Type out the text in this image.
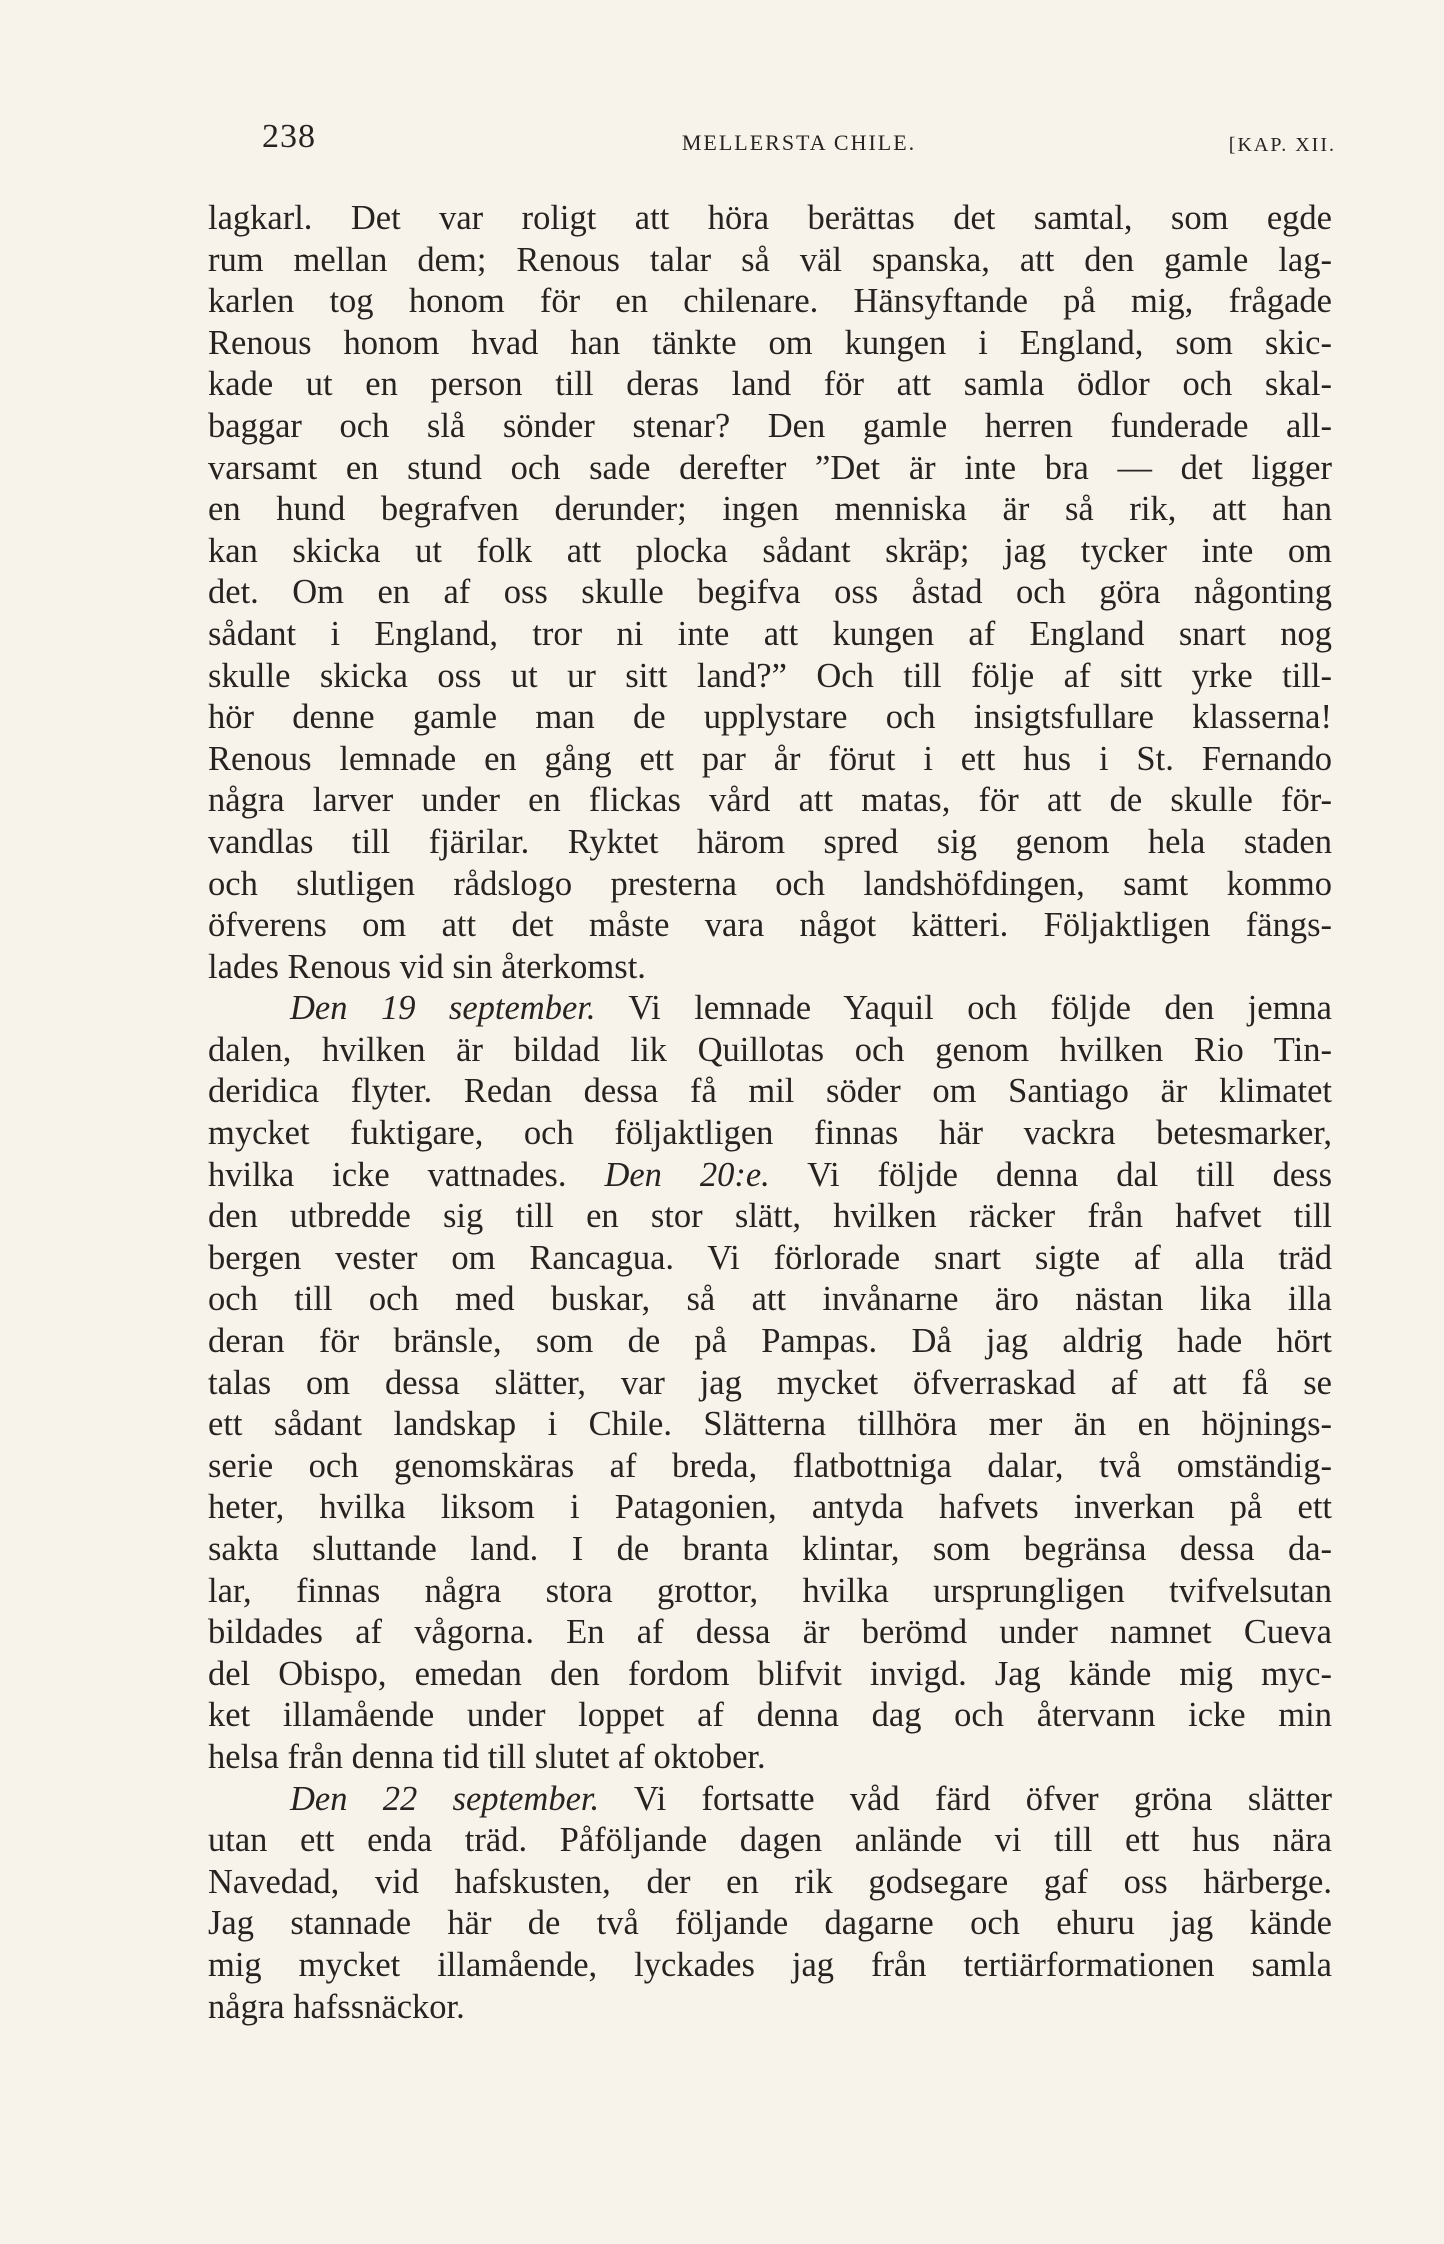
238	MELLERSTA CHILE.	[KAP. XII.

lagkarl. Det var roligt att höra berättas det samtal, som egde
rum mellan dem; Renous talar så väl spanska, att den gamle lag-
karlen tog honom för en chilenare. Hänsyftande på mig, frågade
Renous honom hvad han tänkte om kungen i England, som skic-
kade ut en person till deras land för att samla ödlor och skal-
baggar och slå sönder stenar? Den gamle herren funderade all-
varsamt en stund och sade derefter ”Det är inte bra — det ligger
en hund begrafven derunder; ingen menniska är så rik, att han
kan skicka ut folk att plocka sådant skräp; jag tycker inte om
det. Om en af oss skulle begifva oss åstad och göra någonting
sådant i England, tror ni inte att kungen af England snart nog
skulle skicka oss ut ur sitt land?” Och till följe af sitt yrke till-
hör denne gamle man de upplystare och insigtsfullare klasserna!
Renous lemnade en gång ett par år förut i ett hus i St. Fernando
några larver under en flickas vård att matas, för att de skulle för-
vandlas till fjärilar. Ryktet härom spred sig genom hela staden
och slutligen rådslogo presterna och landshöfdingen, samt kommo
öfverens om att det måste vara något kätteri. Följaktligen fängs-
lades Renous vid sin återkomst.

Den 19 september. Vi lemnade Yaquil och följde den jemna
dalen, hvilken är bildad lik Quillotas och genom hvilken Rio Tin-
deridica flyter. Redan dessa få mil söder om Santiago är klimatet
mycket fuktigare, och följaktligen finnas här vackra betesmarker,
hvilka icke vattnades. Den 20:e. Vi följde denna dal till dess
den utbredde sig till en stor slätt, hvilken räcker från hafvet till
bergen vester om Rancagua. Vi förlorade snart sigte af alla träd
och till och med buskar, så att invånarne äro nästan lika illa
deran för bränsle, som de på Pampas. Då jag aldrig hade hört
talas om dessa slätter, var jag mycket öfverraskad af att få se
ett sådant landskap i Chile. Slätterna tillhöra mer än en höjnings-
serie och genomskäras af breda, flatbottniga dalar, två omständig-
heter, hvilka liksom i Patagonien, antyda hafvets inverkan på ett
sakta sluttande land. I de branta klintar, som begränsa dessa da-
lar, finnas några stora grottor, hvilka ursprungligen tvifvelsutan
bildades af vågorna. En af dessa är berömd under namnet Cueva
del Obispo, emedan den fordom blifvit invigd. Jag kände mig myc-
ket illamående under loppet af denna dag och återvann icke min
helsa från denna tid till slutet af oktober.

Den 22 september. Vi fortsatte våd färd öfver gröna slätter
utan ett enda träd. Påföljande dagen anlände vi till ett hus nära
Navedad, vid hafskusten, der en rik godsegare gaf oss härberge.
Jag stannade här de två följande dagarne och ehuru jag kände
mig mycket illamående, lyckades jag från tertiärformationen samla
några hafssnäckor.
